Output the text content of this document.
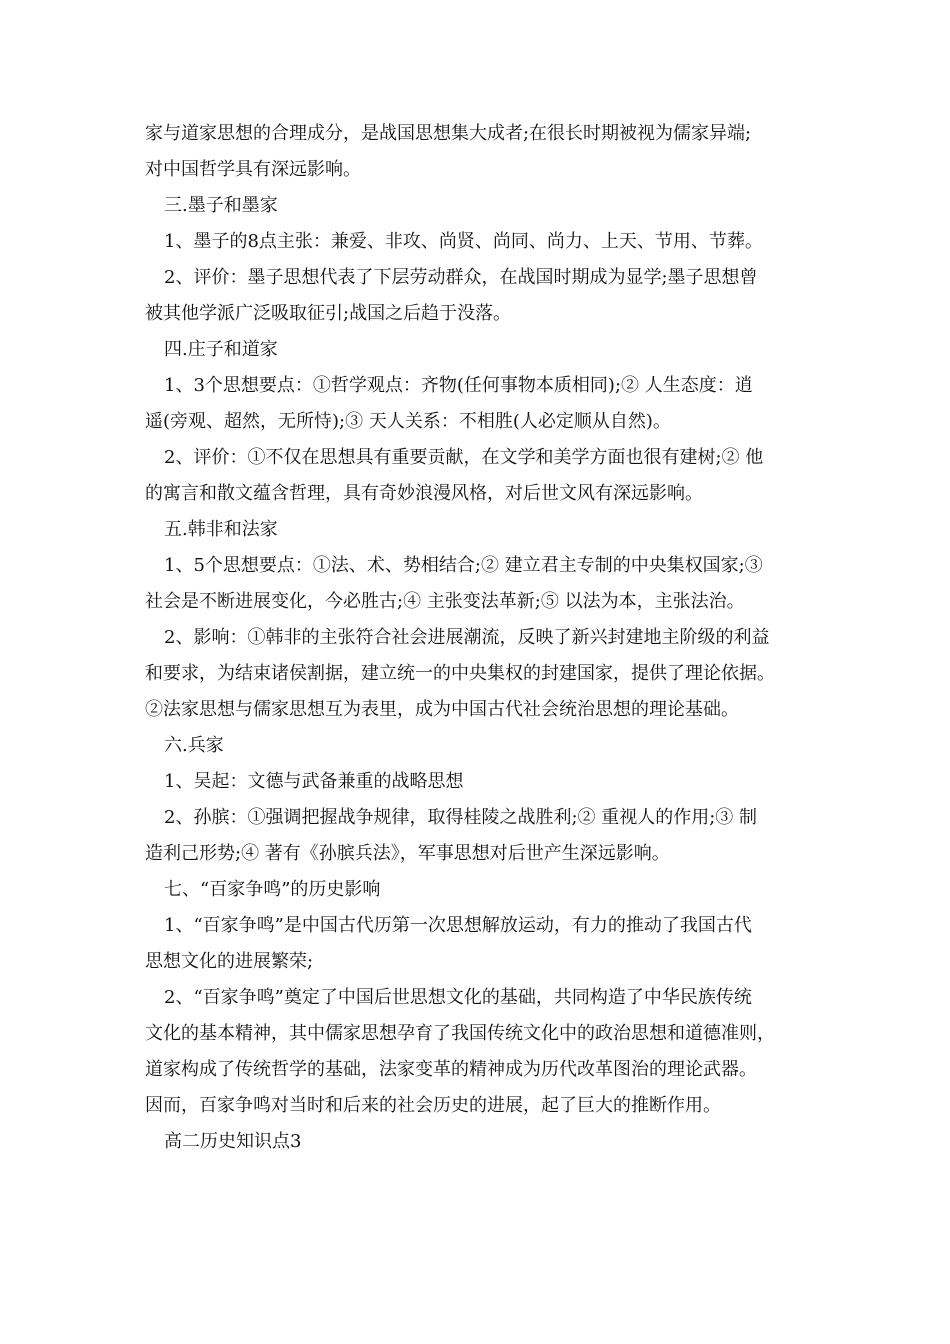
家与道家思想的合理成分，是战国思想集大成者;在很长时期被视为儒家异端;
对中国哲学具有深远影响。
三.墨子和墨家
1、墨子的8点主张：兼爱、非攻、尚贤、尚同、尚力、上天、节用、节葬。
2、评价：墨子思想代表了下层劳动群众，在战国时期成为显学;墨子思想曾
被其他学派广泛吸取征引;战国之后趋于没落。
四.庄子和道家
1、3个思想要点：①哲学观点：齐物(任何事物本质相同);② 人生态度：逍
遥(旁观、超然，无所恃);③ 天人关系：不相胜(人必定顺从自然)。
2、评价：①不仅在思想具有重要贡献，在文学和美学方面也很有建树;② 他
的寓言和散文蕴含哲理，具有奇妙浪漫风格，对后世文风有深远影响。
五.韩非和法家
1、5个思想要点：①法、术、势相结合;② 建立君主专制的中央集权国家;③
社会是不断进展变化，今必胜古;④ 主张变法革新;⑤ 以法为本，主张法治。
2、影响：①韩非的主张符合社会进展潮流，反映了新兴封建地主阶级的利益
和要求，为结束诸侯割据，建立统一的中央集权的封建国家，提供了理论依据。
②法家思想与儒家思想互为表里，成为中国古代社会统治思想的理论基础。
六.兵家
1、吴起：文德与武备兼重的战略思想
2、孙膑：①强调把握战争规律，取得桂陵之战胜利;② 重视人的作用;③ 制
造利己形势;④ 著有《孙膑兵法》，军事思想对后世产生深远影响。
七、“百家争鸣”的历史影响
1、“百家争鸣”是中国古代历第一次思想解放运动，有力的推动了我国古代
思想文化的进展繁荣;
2、“百家争鸣”奠定了中国后世思想文化的基础，共同构造了中华民族传统
文化的基本精神，其中儒家思想孕育了我国传统文化中的政治思想和道德准则，
道家构成了传统哲学的基础，法家变革的精神成为历代改革图治的理论武器。
因而，百家争鸣对当时和后来的社会历史的进展，起了巨大的推断作用。
高二历史知识点3
